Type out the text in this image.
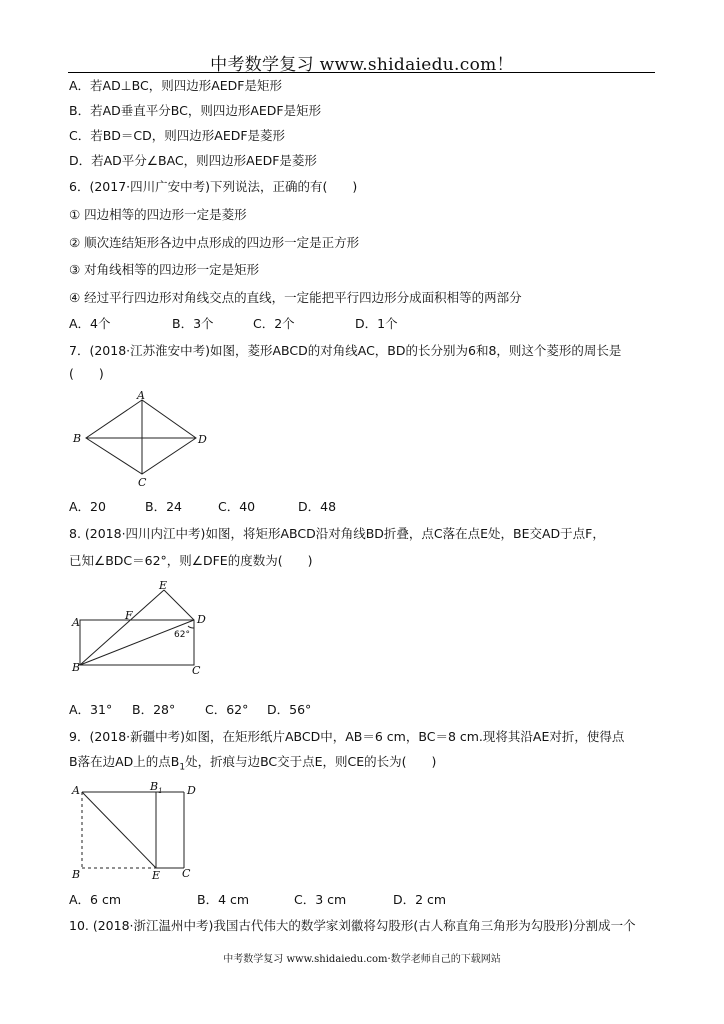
中考数学复习 www.shidaiedu.com！
A．若AD⊥BC，则四边形AEDF是矩形
B．若AD垂直平分BC，则四边形AEDF是矩形
C．若BD＝CD，则四边形AEDF是菱形
D．若AD平分∠BAC，则四边形AEDF是菱形
6．(2017·四川广安中考)下列说法，正确的有(　　)
① 四边相等的四边形一定是菱形
② 顺次连结矩形各边中点形成的四边形一定是正方形
③ 对角线相等的四边形一定是矩形
④ 经过平行四边形对角线交点的直线，一定能把平行四边形分成面积相等的两部分
A．4个	B．3个	C．2个	D．1个
7．(2018·江苏淮安中考)如图，菱形ABCD的对角线AC，BD的长分别为6和8，则这个菱形的周长是
(　　)
A
B
C
D
A．20	B．24	C．40	D．48
8. (2018·四川内江中考)如图，将矩形ABCD沿对角线BD折叠，点C落在点E处，BE交AD于点F，
已知∠BDC＝62°，则∠DFE的度数为(　　)
E
F
A	D
62°
B	C
A．31° B．28° C．62° D．56°
9．(2018·新疆中考)如图，在矩形纸片ABCD中，AB＝6 cm，BC＝8 cm.现将其沿AE对折，使得点
B落在边AD上的点$B_1$处，折痕与边BC交于点E，则CE的长为(　　)
A	$B_1$ D
B	E C
A．6 cm	B．4 cm	C．3 cm	D．2 cm
10. (2018·浙江温州中考)我国古代伟大的数学家刘徽将勾股形(古人称直角三角形为勾股形)分割成一个
中考数学复习 www.shidaiedu.com·数学老师自己的下载网站
